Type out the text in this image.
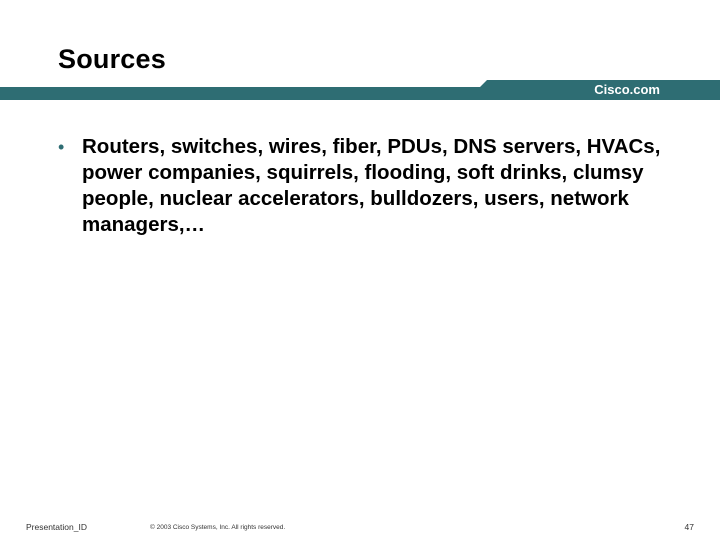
Sources
Cisco.com
• Routers, switches, wires, fiber, PDUs, DNS servers, HVACs, power companies, squirrels, flooding, soft drinks, clumsy people, nuclear accelerators, bulldozers, users, network managers,…
Presentation_ID	© 2003 Cisco Systems, Inc. All rights reserved.	47
